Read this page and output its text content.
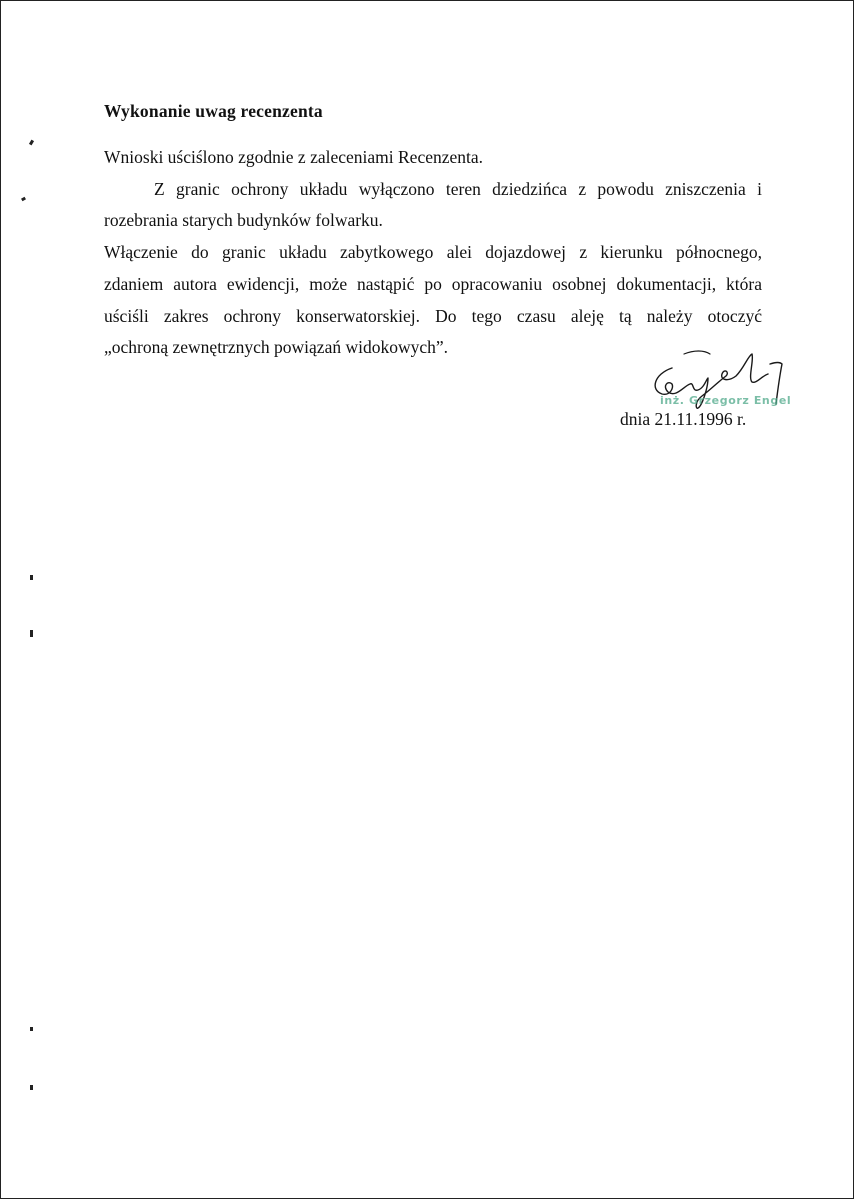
Wykonanie uwag recenzenta
Wnioski uściślono zgodnie z zaleceniami Recenzenta.
Z granic ochrony układu wyłączono teren dziedzińca z powodu zniszczenia i
rozebrania starych budynków folwarku.
Włączenie do granic układu zabytkowego alei dojazdowej z kierunku północnego,
zdaniem autora ewidencji, może nastąpić po opracowaniu osobnej dokumentacji, która
uściśli zakres ochrony konserwatorskiej. Do tego czasu aleję tą należy otoczyć
„ochroną zewnętrznych powiązań widokowych”.
inż. Grzegorz Engel
dnia 21.11.1996 r.
